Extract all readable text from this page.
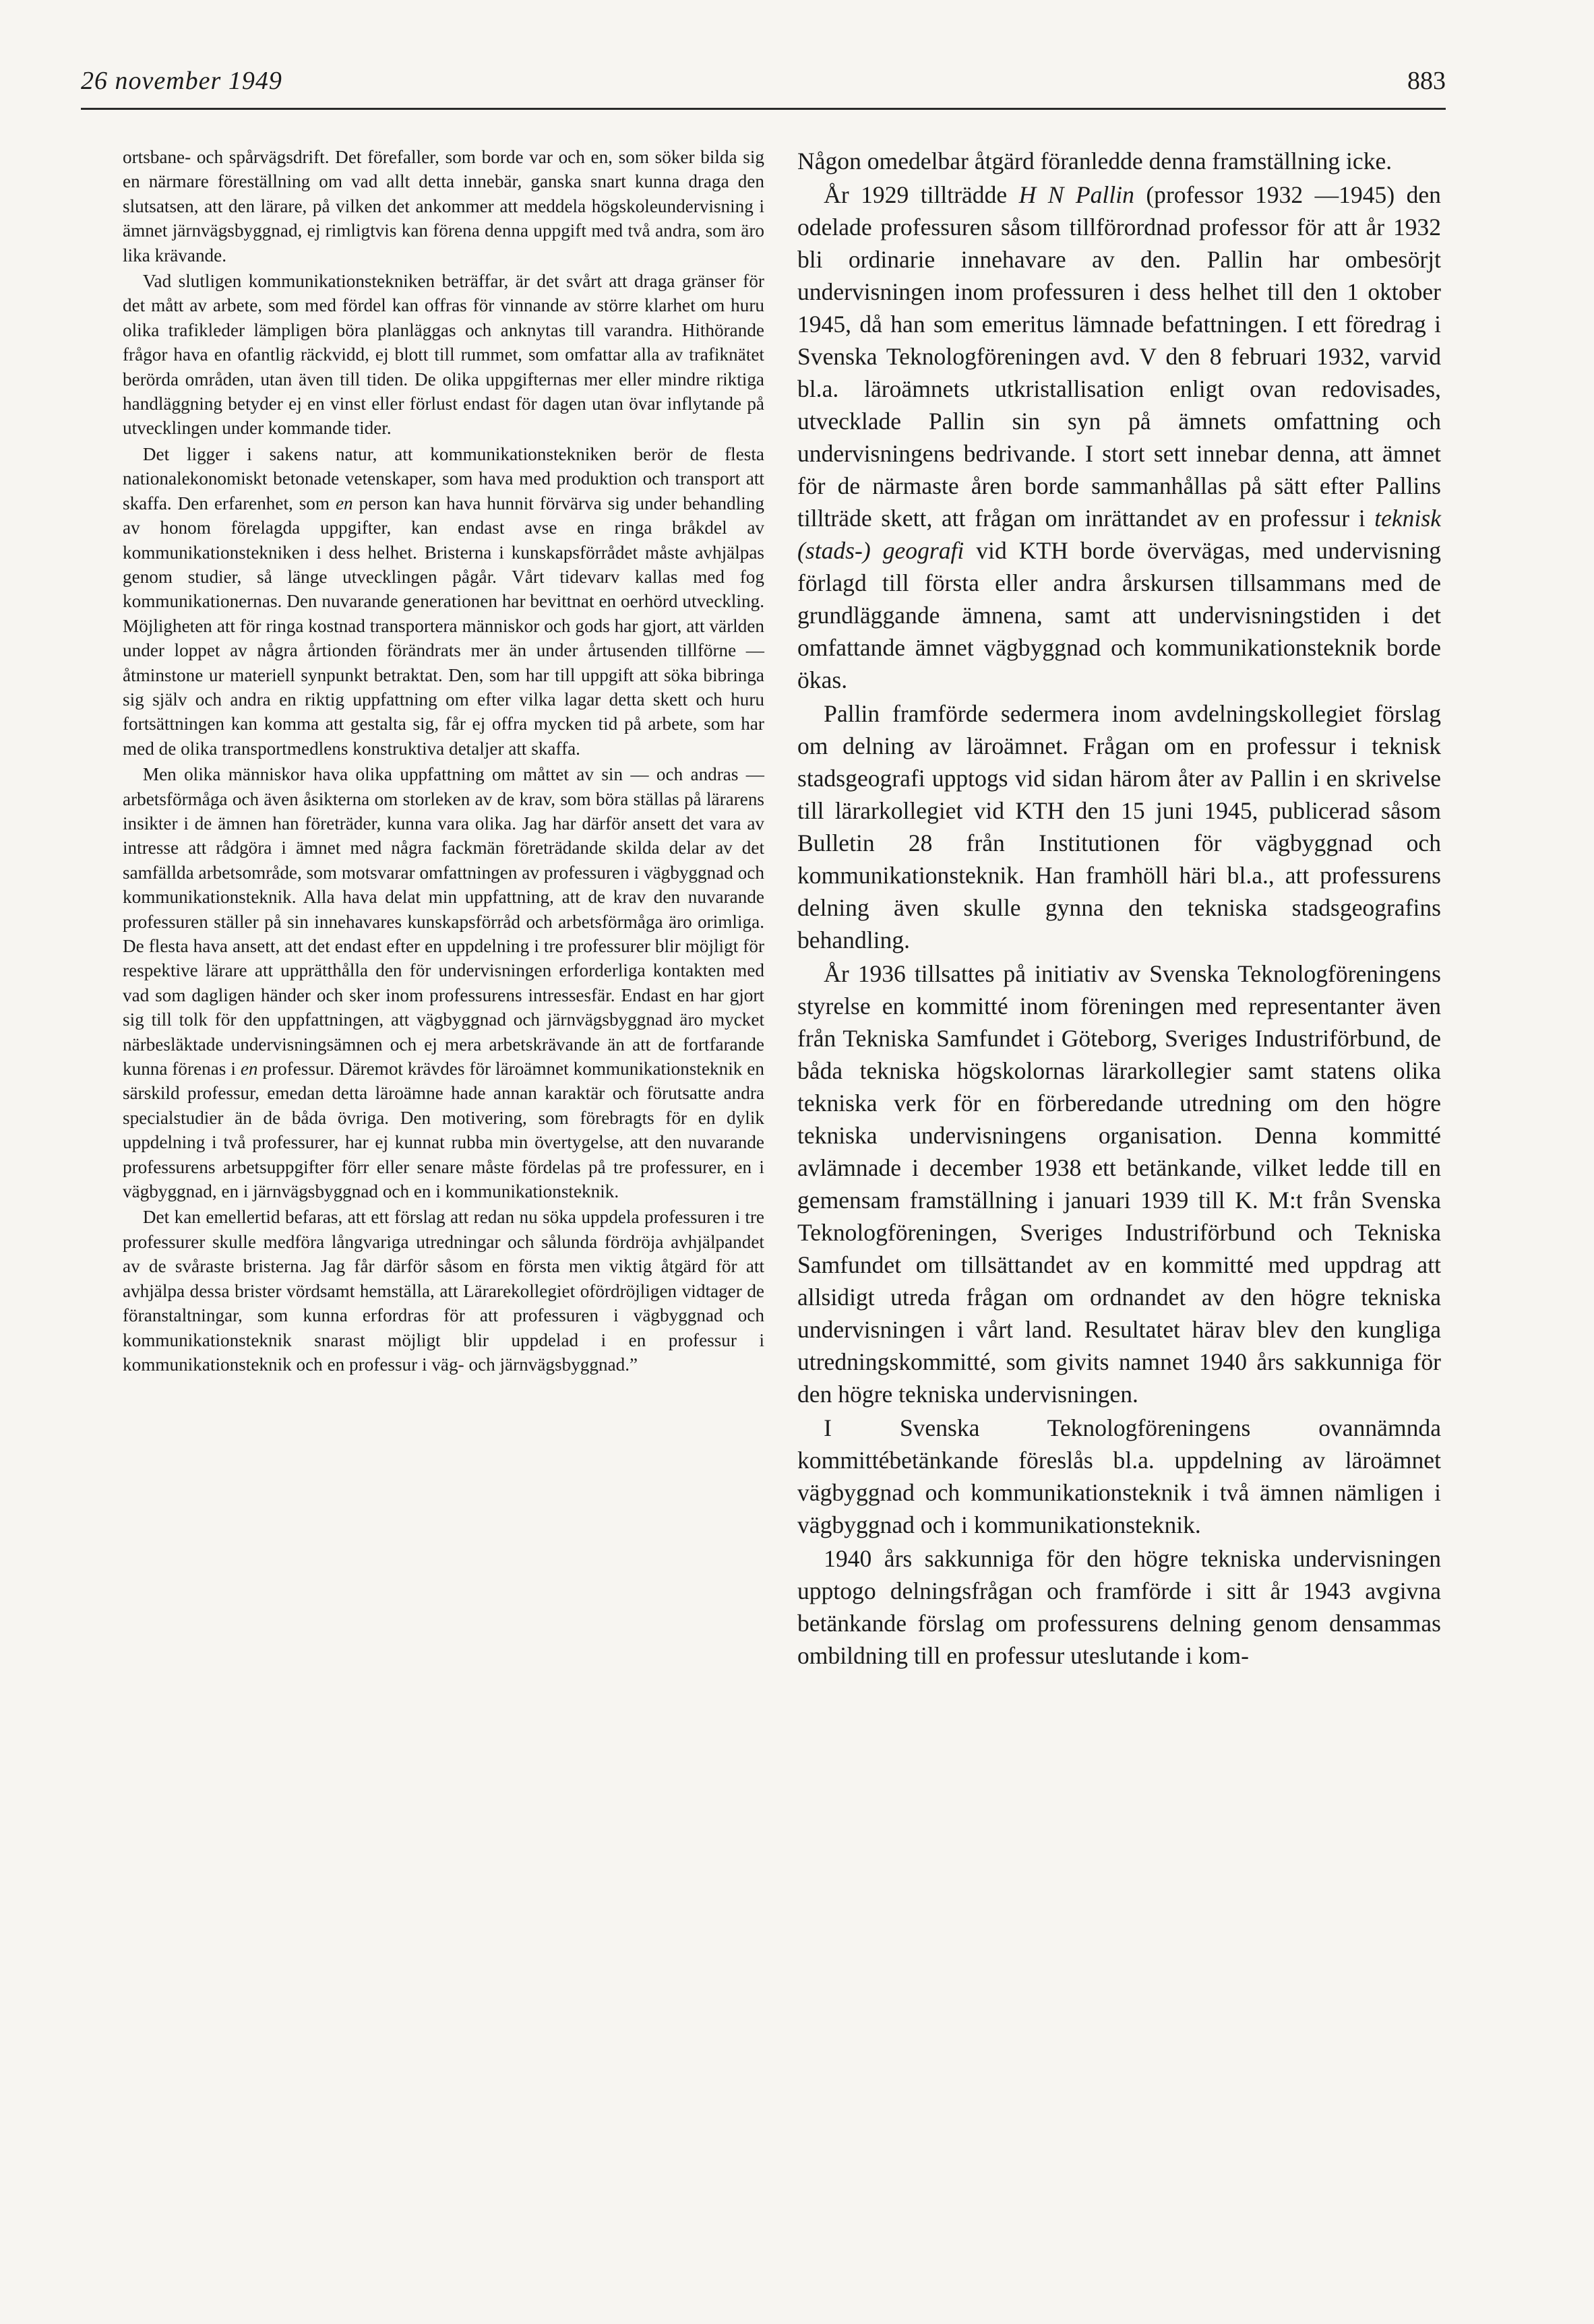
26 november 1949	883

ortsbane- och spårvägsdrift. Det förefaller, som borde var och en, som söker bilda sig en närmare föreställning om vad allt detta innebär, ganska snart kunna draga den slutsatsen, att den lärare, på vilken det ankommer att meddela högskoleundervisning i ämnet järnvägsbyggnad, ej rimligtvis kan förena denna uppgift med två andra, som äro lika krävande.

Vad slutligen kommunikationstekniken beträffar, är det svårt att draga gränser för det mått av arbete, som med fördel kan offras för vinnande av större klarhet om huru olika trafikleder lämpligen böra planläggas och anknytas till varandra. Hithörande frågor hava en ofantlig räckvidd, ej blott till rummet, som omfattar alla av trafiknätet berörda områden, utan även till tiden. De olika uppgifternas mer eller mindre riktiga handläggning betyder ej en vinst eller förlust endast för dagen utan övar inflytande på utvecklingen under kommande tider.

Det ligger i sakens natur, att kommunikationstekniken berör de flesta nationalekonomiskt betonade vetenskaper, som hava med produktion och transport att skaffa. Den erfarenhet, som en person kan hava hunnit förvärva sig under behandling av honom förelagda uppgifter, kan endast avse en ringa bråkdel av kommunikationstekniken i dess helhet. Bristerna i kunskapsförrådet måste avhjälpas genom studier, så länge utvecklingen pågår. Vårt tidevarv kallas med fog kommunikationernas. Den nuvarande generationen har bevittnat en oerhörd utveckling. Möjligheten att för ringa kostnad transportera människor och gods har gjort, att världen under loppet av några årtionden förändrats mer än under årtusenden tillförne — åtminstone ur materiell synpunkt betraktat. Den, som har till uppgift att söka bibringa sig själv och andra en riktig uppfattning om efter vilka lagar detta skett och huru fortsättningen kan komma att gestalta sig, får ej offra mycken tid på arbete, som har med de olika transportmedlens konstruktiva detaljer att skaffa.

Men olika människor hava olika uppfattning om måttet av sin — och andras — arbetsförmåga och även åsikterna om storleken av de krav, som böra ställas på lärarens insikter i de ämnen han företräder, kunna vara olika. Jag har därför ansett det vara av intresse att rådgöra i ämnet med några fackmän företrädande skilda delar av det samfällda arbetsområde, som motsvarar omfattningen av professuren i vägbyggnad och kommunikationsteknik. Alla hava delat min uppfattning, att de krav den nuvarande professuren ställer på sin innehavares kunskapsförråd och arbetsförmåga äro orimliga. De flesta hava ansett, att det endast efter en uppdelning i tre professurer blir möjligt för respektive lärare att upprätthålla den för undervisningen erforderliga kontakten med vad som dagligen händer och sker inom professurens intressesfär. Endast en har gjort sig till tolk för den uppfattningen, att vägbyggnad och järnvägsbyggnad äro mycket närbesläktade undervisningsämnen och ej mera arbetskrävande än att de fortfarande kunna förenas i en professur. Däremot krävdes för läroämnet kommunikationsteknik en särskild professur, emedan detta läroämne hade annan karaktär och förutsatte andra specialstudier än de båda övriga. Den motivering, som förebragts för en dylik uppdelning i två professurer, har ej kunnat rubba min övertygelse, att den nuvarande professurens arbetsuppgifter förr eller senare måste fördelas på tre professurer, en i vägbyggnad, en i järnvägsbyggnad och en i kommunikationsteknik.

Det kan emellertid befaras, att ett förslag att redan nu söka uppdela professuren i tre professurer skulle medföra långvariga utredningar och sålunda fördröja avhjälpandet av de svåraste bristerna. Jag får därför såsom en första men viktig åtgärd för att avhjälpa dessa brister vördsamt hemställa, att Lärarekollegiet ofördröjligen vidtager de föranstaltningar, som kunna erfordras för att professuren i vägbyggnad och kommunikationsteknik snarast möjligt blir uppdelad i en professur i kommunikationsteknik och en professur i väg- och järnvägsbyggnad.”

Någon omedelbar åtgärd föranledde denna framställning icke.

År 1929 tillträdde H N Pallin (professor 1932 —1945) den odelade professuren såsom tillförordnad professor för att år 1932 bli ordinarie innehavare av den. Pallin har ombesörjt undervisningen inom professuren i dess helhet till den 1 oktober 1945, då han som emeritus lämnade befattningen. I ett föredrag i Svenska Teknologföreningen avd. V den 8 februari 1932, varvid bl.a. läroämnets utkristallisation enligt ovan redovisades, utvecklade Pallin sin syn på ämnets omfattning och undervisningens bedrivande. I stort sett innebar denna, att ämnet för de närmaste åren borde sammanhållas på sätt efter Pallins tillträde skett, att frågan om inrättandet av en professur i teknisk (stads-) geografi vid KTH borde övervägas, med undervisning förlagd till första eller andra årskursen tillsammans med de grundläggande ämnena, samt att undervisningstiden i det omfattande ämnet vägbyggnad och kommunikationsteknik borde ökas.

Pallin framförde sedermera inom avdelningskollegiet förslag om delning av läroämnet. Frågan om en professur i teknisk stadsgeografi upptogs vid sidan härom åter av Pallin i en skrivelse till lärarkollegiet vid KTH den 15 juni 1945, publicerad såsom Bulletin 28 från Institutionen för vägbyggnad och kommunikationsteknik. Han framhöll häri bl.a., att professurens delning även skulle gynna den tekniska stadsgeografins behandling.

År 1936 tillsattes på initiativ av Svenska Teknologföreningens styrelse en kommitté inom föreningen med representanter även från Tekniska Samfundet i Göteborg, Sveriges Industriförbund, de båda tekniska högskolornas lärarkollegier samt statens olika tekniska verk för en förberedande utredning om den högre tekniska undervisningens organisation. Denna kommitté avlämnade i december 1938 ett betänkande, vilket ledde till en gemensam framställning i januari 1939 till K. M:t från Svenska Teknologföreningen, Sveriges Industriförbund och Tekniska Samfundet om tillsättandet av en kommitté med uppdrag att allsidigt utreda frågan om ordnandet av den högre tekniska undervisningen i vårt land. Resultatet härav blev den kungliga utredningskommitté, som givits namnet 1940 års sakkunniga för den högre tekniska undervisningen.

I Svenska Teknologföreningens ovannämnda kommittébetänkande föreslås bl.a. uppdelning av läroämnet vägbyggnad och kommunikationsteknik i två ämnen nämligen i vägbyggnad och i kommunikationsteknik.

1940 års sakkunniga för den högre tekniska undervisningen upptogo delningsfrågan och framförde i sitt år 1943 avgivna betänkande förslag om professurens delning genom densammas ombildning till en professur uteslutande i kom-
